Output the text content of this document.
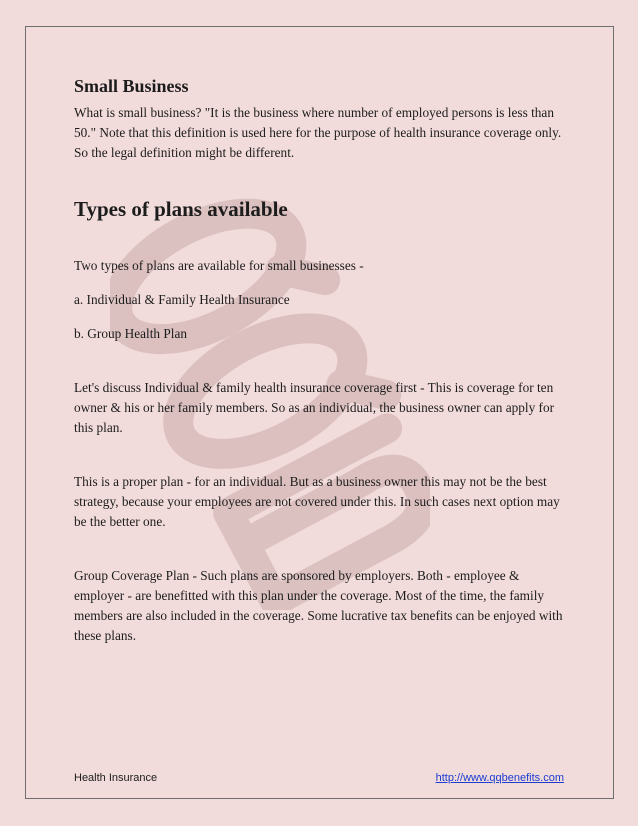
Small Business

What is small business? "It is the business where number of employed persons is less than 50." Note that this definition is used here for the purpose of health insurance coverage only. So the legal definition might be different.

Types of plans available

Two types of plans are available for small businesses -

a. Individual & Family Health Insurance

b. Group Health Plan

Let's discuss Individual & family health insurance coverage first - This is coverage for ten owner & his or her family members. So as an individual, the business owner can apply for this plan.

This is a proper plan - for an individual. But as a business owner this may not be the best strategy, because your employees are not covered under this. In such cases next option may be the better one.

Group Coverage Plan - Such plans are sponsored by employers. Both - employee & employer - are benefitted with this plan under the coverage. Most of the time, the family members are also included in the coverage. Some lucrative tax benefits can be enjoyed with these plans.

Health Insurance	http://www.qqbenefits.com
